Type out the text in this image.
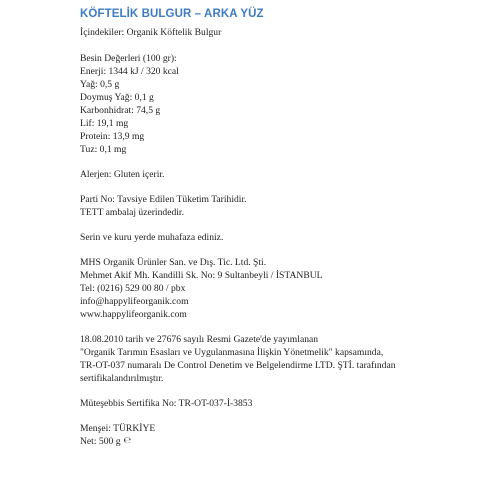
KÖFTELİK BULGUR – ARKA YÜZ
İçindekiler: Organik Köftelik Bulgur
Besin Değerleri (100 gr):
Enerji: 1344 kJ / 320 kcal
Yağ: 0,5 g
Doymuş Yağ: 0,1 g
Karbonhidrat: 74,5 g
Lif: 19,1 mg
Protein: 13,9 mg
Tuz: 0,1 mg
Alerjen: Gluten içerir.
Parti No: Tavsiye Edilen Tüketim Tarihidir.
TETT ambalaj üzerindedir.
Serin ve kuru yerde muhafaza ediniz.
MHS Organik Ürünler San. ve Dış. Tic. Ltd. Şti.
Mehmet Akif Mh. Kandilli Sk. No: 9 Sultanbeyli / İSTANBUL
Tel: (0216) 529 00 80 / pbx
info@happylifeorganik.com
www.happylifeorganik.com
18.08.2010 tarih ve 27676 sayılı Resmi Gazete'de yayımlanan
"Organik Tarımın Esasları ve Uygulanmasına İlişkin Yönetmelik" kapsamında,
TR-OT-037 numaralı De Control Denetim ve Belgelendirme LTD. ŞTİ. tarafından
sertifikalandırılmıştır.
Müteşebbis Sertifika No: TR-OT-037-İ-3853
Menşei: TÜRKİYE
Net: 500 g ℮
